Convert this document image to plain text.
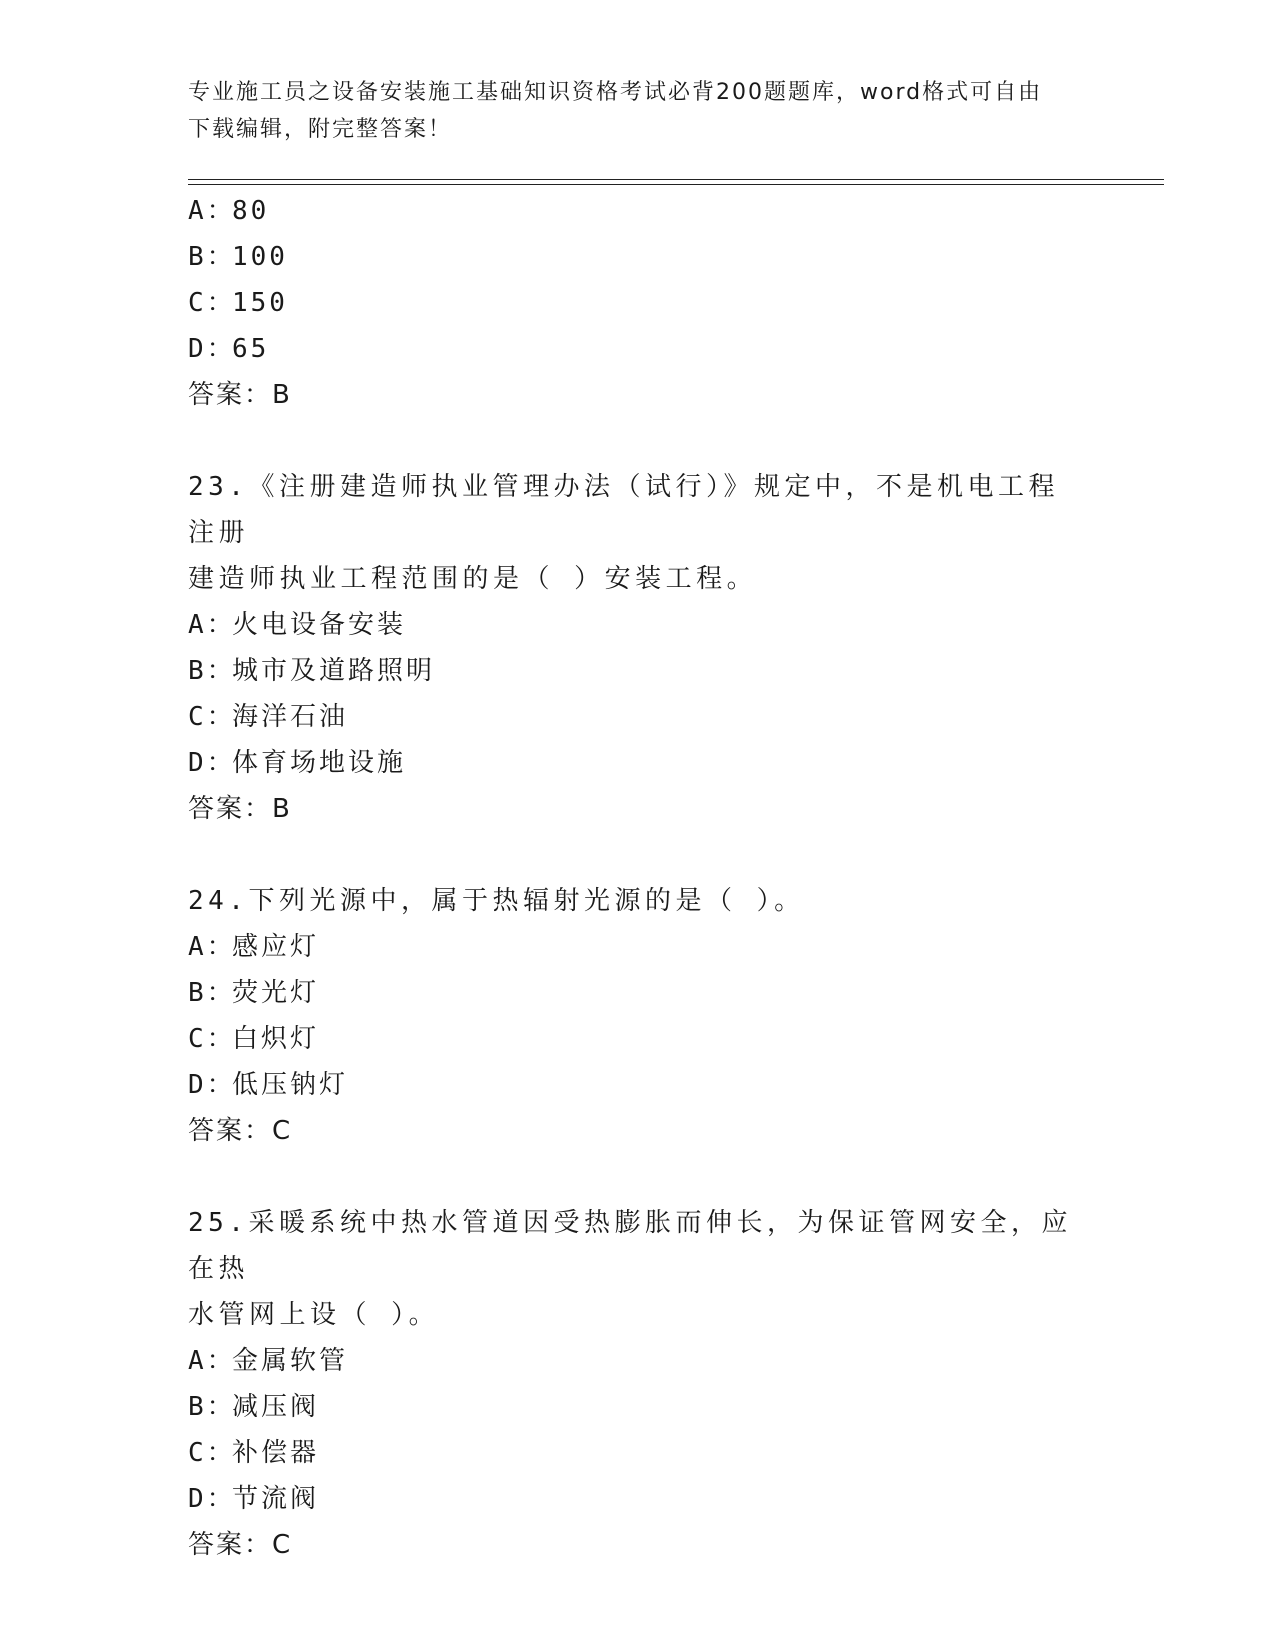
专业施工员之设备安装施工基础知识资格考试必背200题题库，word格式可自由
下载编辑，附完整答案！
A：
80
B：
100
C：
150
D：
65
答案：B
23.《注册建造师执业管理办法（试行）》规定中，不是机电工程注册
建造师执业工程范围的是（ ）安装工程。
A：
火电设备安装
B：
城市及道路照明
C：
海洋石油
D：
体育场地设施
答案：B
24.下列光源中，属于热辐射光源的是（ ）。
A：
感应灯
B：
荧光灯
C：
白炽灯
D：
低压钠灯
答案：C
25.采暖系统中热水管道因受热膨胀而伸长，为保证管网安全，应在热
水管网上设（ ）。
A：
金属软管
B：
减压阀
C：
补偿器
D：
节流阀
答案：C
